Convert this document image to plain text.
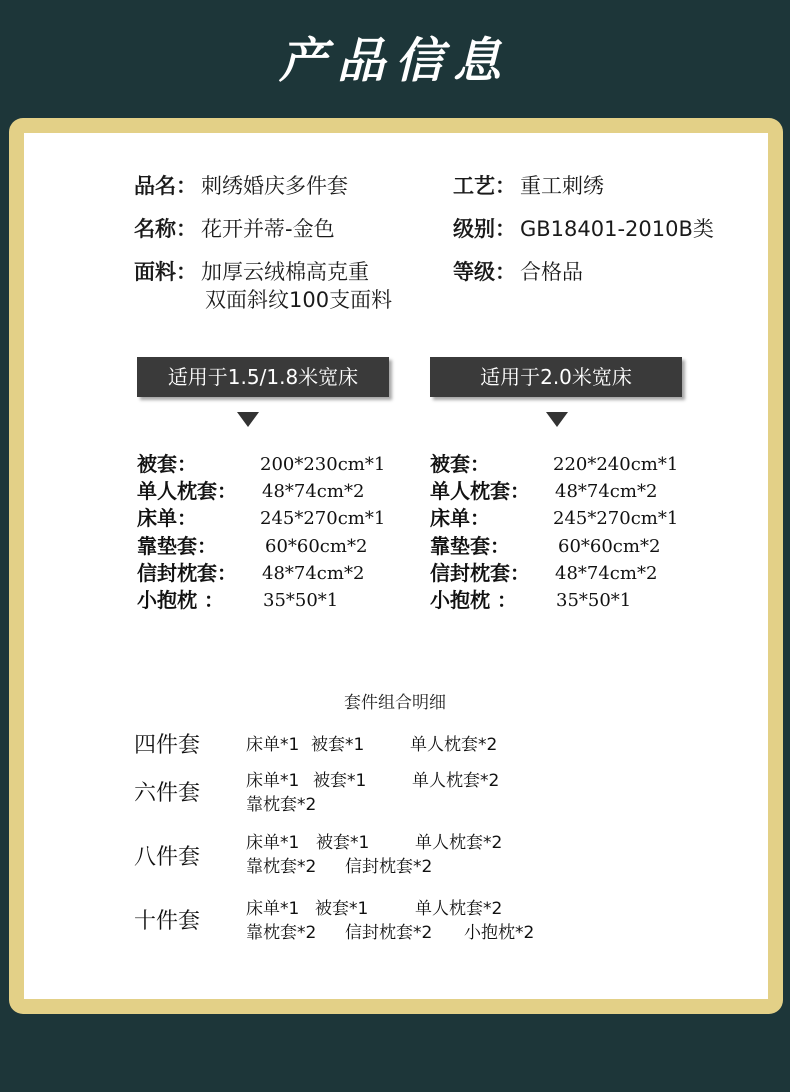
产品信息
品名： 刺绣婚庆多件套
名称： 花开并蒂-金色
面料： 加厚云绒棉高克重
双面斜纹100支面料
工艺： 重工刺绣
级别： GB18401-2010B类
等级： 合格品
适用于1.5/1.8米宽床	适用于2.0米宽床
被套：	200*230cm*1
单人枕套： 48*74cm*2
床单：	245*270cm*1
靠垫套：	60*60cm*2
信封枕套： 48*74cm*2
小抱枕 ： 35*50*1
被套：	220*240cm*1
单人枕套： 48*74cm*2
床单：	245*270cm*1
靠垫套：	60*60cm*2
信封枕套： 48*74cm*2
小抱枕 ： 35*50*1
套件组合明细
四件套	床单*1 被套*1	单人枕套*2
六件套	床单*1 被套*1	单人枕套*2
靠枕套*2
八件套
床单*1 被套*1	单人枕套*2
靠枕套*2 信封枕套*2
十件套	床单*1 被套*1	单人枕套*2
靠枕套*2 信封枕套*2 小抱枕*2
